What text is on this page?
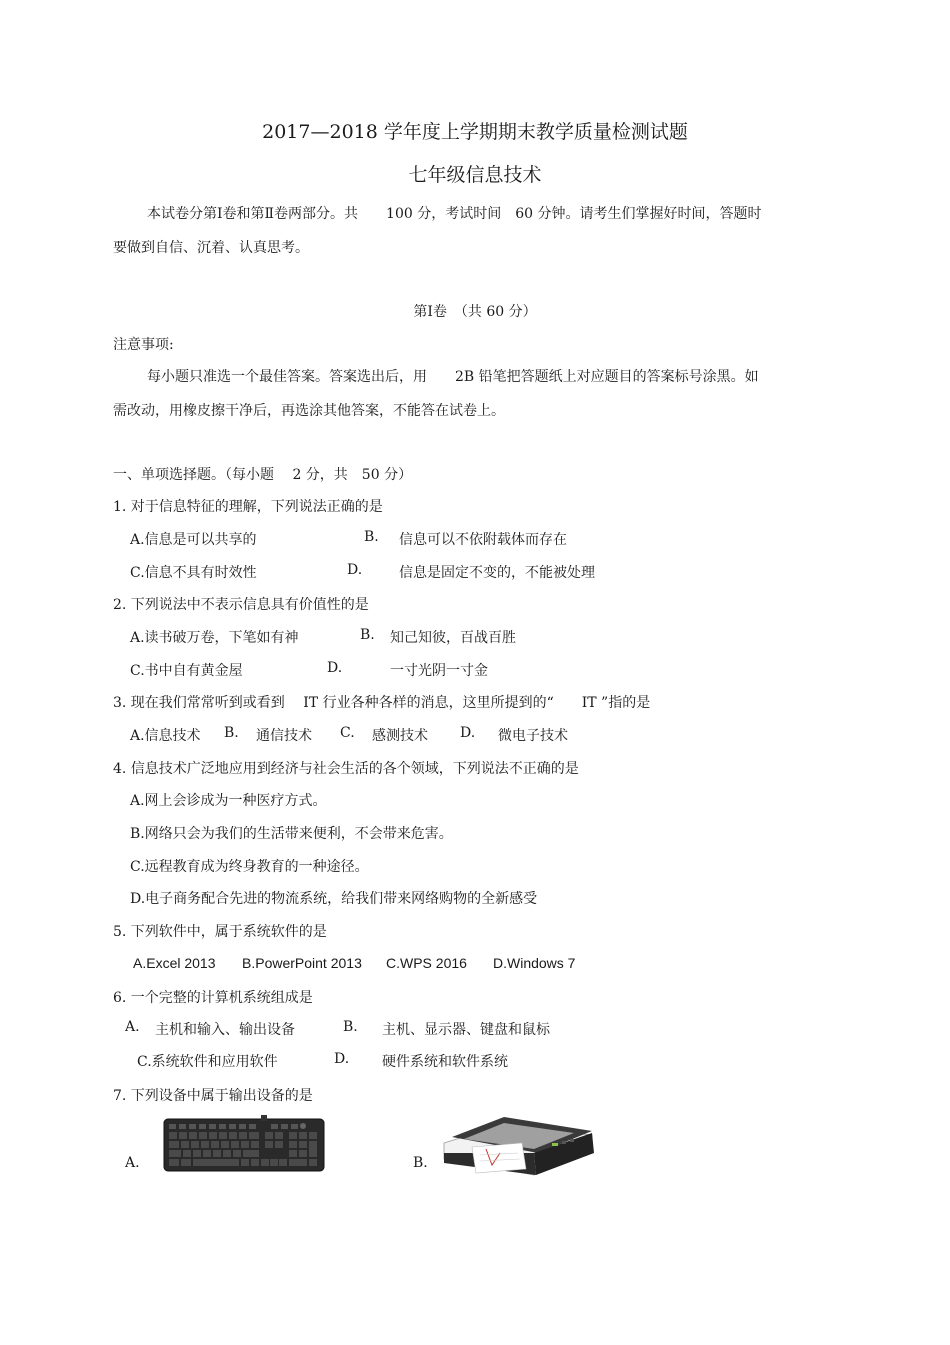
2017—2018 学年度上学期期末教学质量检测试题
七年级信息技术
本试卷分第Ⅰ卷和第Ⅱ卷两部分。共　　100 分，考试时间　60 分钟。请考生们掌握好时间，答题时
要做到自信、沉着、认真思考。
第Ⅰ卷　（共 60 分）
注意事项:
每小题只准选一个最佳答案。答案选出后，用　　2B 铅笔把答题纸上对应题目的答案标号涂黑。如
需改动，用橡皮擦干净后，再选涂其他答案，不能答在试卷上。
一、单项选择题。（每小题　 2 分，共　50 分）
1. 对于信息特征的理解，下列说法正确的是
A.信息是可以共享的	B. 信息可以不依附载体而存在
C.信息不具有时效性	D.	信息是固定不变的，不能被处理
2. 下列说法中不表示信息具有价值性的是
A.读书破万卷，下笔如有神	B. 知己知彼，百战百胜
C.书中自有黄金屋	D.	一寸光阴一寸金
3. 现在我们常常听到或看到　 IT 行业各种各样的消息，这里所提到的“　　IT ”指的是
A.信息技术 B. 通信技术 C. 感测技术 D. 微电子技术
4. 信息技术广泛地应用到经济与社会生活的各个领域，下列说法不正确的是
A.网上会诊成为一种医疗方式。
B.网络只会为我们的生活带来便利，不会带来危害。
C.远程教育成为终身教育的一种途径。
D.电子商务配合先进的物流系统，给我们带来网络购物的全新感受
5. 下列软件中，属于系统软件的是
A.Excel 2013 B.PowerPoint 2013 C.WPS 2016 D.Windows 7
6. 一个完整的计算机系统组成是
A. 主机和输入、输出设备	B. 主机、显示器、键盘和鼠标
C.系统软件和应用软件	D. 硬件系统和软件系统
7. 下列设备中属于输出设备的是
A.	B.
